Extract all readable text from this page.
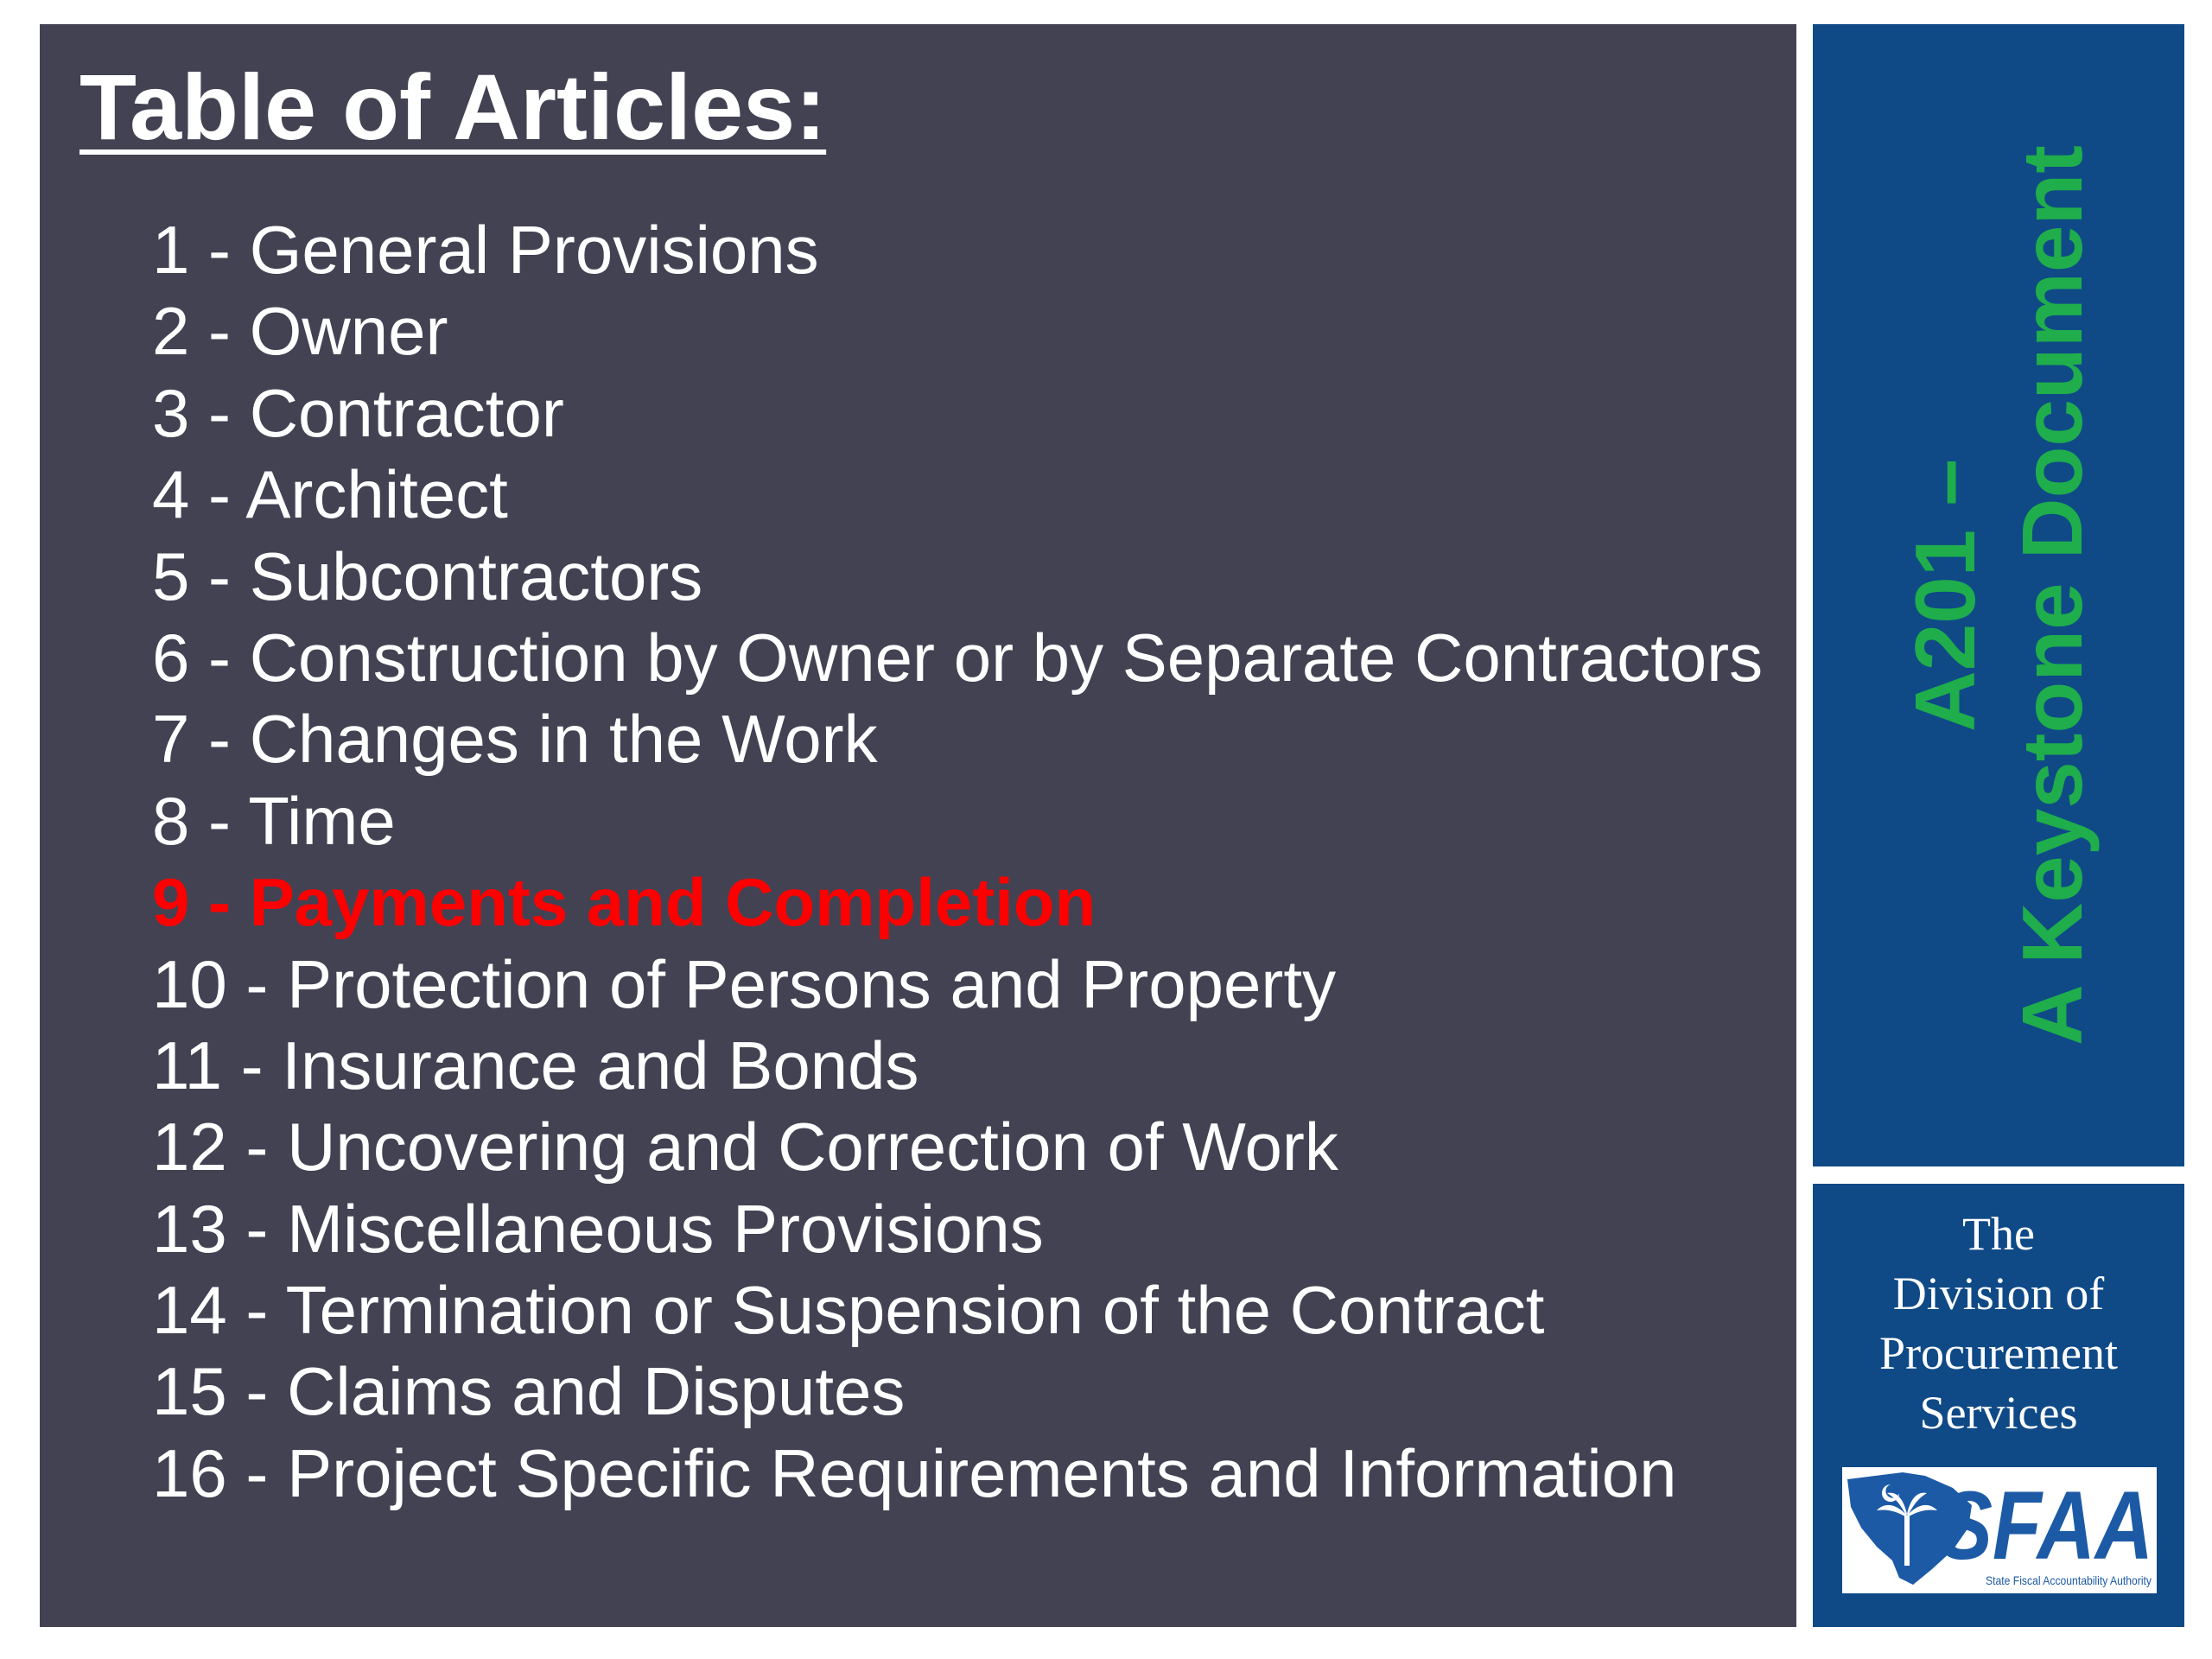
Table of Articles:
1 - General Provisions
2 - Owner
3 - Contractor
4 - Architect
5 - Subcontractors
6 - Construction by Owner or by Separate Contractors
7 - Changes in the Work
8 - Time
9 - Payments and Completion
10 - Protection of Persons and Property
11 - Insurance and Bonds
12 - Uncovering and Correction of Work
13 - Miscellaneous Provisions
14 - Termination or Suspension of the Contract
15 - Claims and Disputes
16 - Project Specific Requirements and Information
A201 – A Keystone Document
The
Division of
Procurement
Services
SFAA
State Fiscal Accountability Authority
